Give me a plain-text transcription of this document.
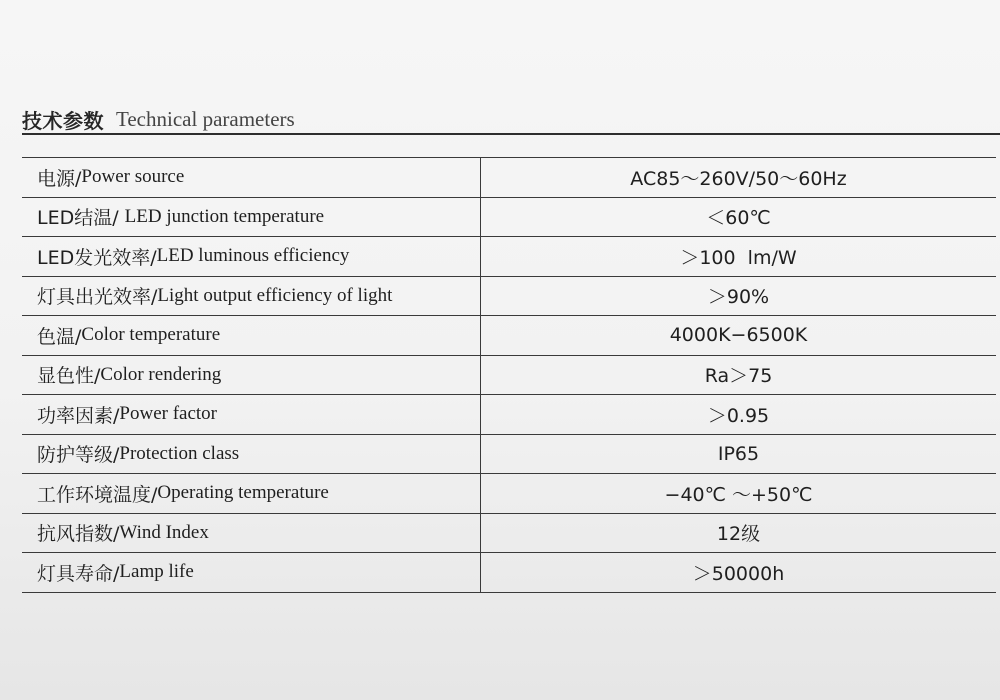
技术参数 Technical parameters
电源/ Power source	AC85～260V/50～60Hz
LED结温/ LED junction temperature	＜60℃
LED发光效率/ LED luminous efficiency	＞100  lm/W
灯具出光效率/ Light output efficiency of light	＞90%
色温/ Color temperature	4000K−6500K
显色性/ Color rendering	Ra＞75
功率因素/ Power factor	＞0.95
防护等级/ Protection class	IP65
工作环境温度/ Operating temperature	−40℃ ～+50℃
抗风指数/ Wind Index	12级
灯具寿命/ Lamp life	＞50000h
